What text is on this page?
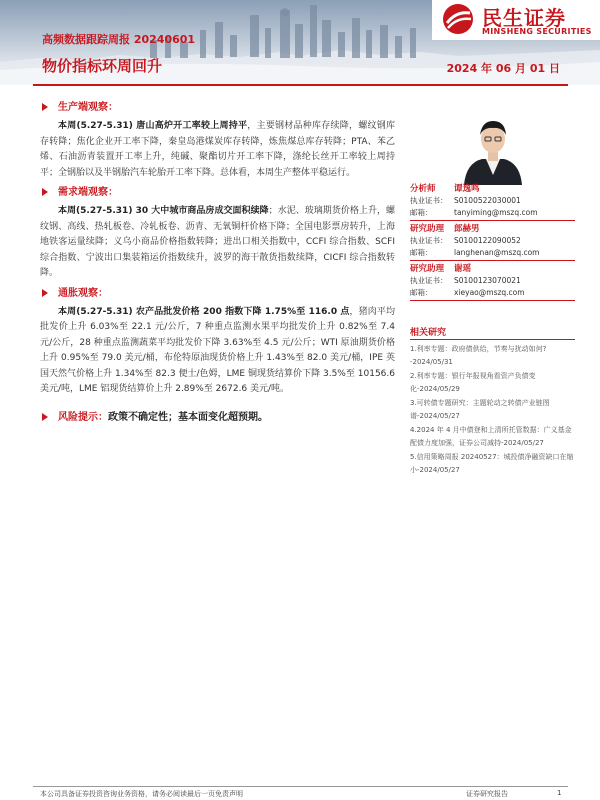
民生证券
MINSHENG SECURITIES
高频数据跟踪周报 20240601
物价指标环周回升	2024 年 06 月 01 日
生产端观察：
本周(5.27-5.31) 唐山高炉开工率较上周持平，主要钢材品种库存续降，螺纹钢库存转降；焦化企业开工率下降，秦皇岛港煤炭库存转降，炼焦煤总库存转降；PTA、苯乙烯、石油沥青装置开工率上升，纯碱、聚酯切片开工率下降，涤纶长丝开工率较上周持平；全钢胎以及半钢胎汽车轮胎开工率下降。总体看，本周生产整体平稳运行。
需求端观察：
本周(5.27-5.31) 30 大中城市商品房成交面积续降；水泥、玻璃期货价格上升，螺纹钢、高线、热轧板卷、冷轧板卷、沥青、无氧铜杆价格下降；全国电影票房转升，上海地铁客运量续降；义乌小商品价格指数转降；进出口相关指数中，CCFI 综合指数、SCFI 综合指数、宁波出口集装箱运价指数续升，波罗的海干散货指数续降，CICFI 综合指数转降。
通胀观察：
本周(5.27-5.31) 农产品批发价格 200 指数下降 1.75%至 116.0 点，猪肉平均批发价上升 6.03%至 22.1 元/公斤，7 种重点监测水果平均批发价上升 0.82%至 7.4 元/公斤，28 种重点监测蔬菜平均批发价下降 3.63%至 4.5 元/公斤；WTI 原油期货价格上升 0.95%至 79.0 美元/桶，布伦特原油现货价格上升 1.43%至 82.0 美元/桶，IPE 英国天然气价格上升 1.34%至 82.3 便士/色姆，LME 铜现货结算价下降 3.5%至 10156.6 美元/吨，LME 铝现货结算价上升 2.89%至 2672.6 美元/吨。
风险提示：政策不确定性；基本面变化超预期。
分析师 谭逸鸣
执业证书： S0100522030001
邮箱：	tanyiming@mszq.com
研究助理 郎赫男
执业证书： S0100122090052
邮箱：	langhenan@mszq.com
研究助理 谢瑶
执业证书： S0100123070021
邮箱：	xieyao@mszq.com
相关研究
1.利率专题：政府债供给，节奏与扰动如何? -2024/05/31
2.利率专题：银行年报视角看资产负债变化-2024/05/29
3.可转债专题研究：主题轮动之转债产业链图谱-2024/05/27
4.2024 年 4 月中债登和上清所托管数据：广义基金配债力度加强，证券公司减持-2024/05/27
5.信用策略周报 20240527：城投债净融资缺口在缩小-2024/05/27
本公司具备证券投资咨询业务资格，请务必阅读最后一页免责声明	证券研究报告	1
